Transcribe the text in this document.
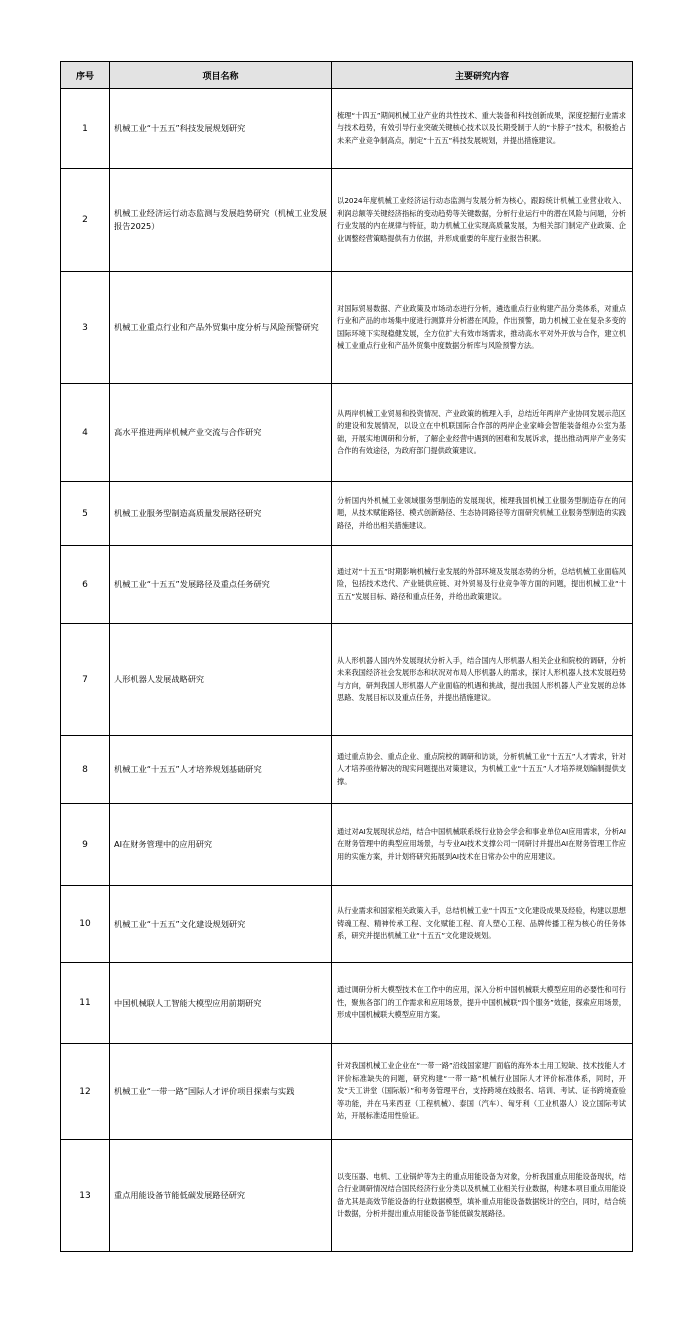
序号	项目名称	主要研究内容
1	机械工业“十五五”科技发展规划研究	梳理“十四五”期间机械工业产业的共性技术、重大装备和科技创新成果，深度挖掘行业需求与技术趋势，有效引导行业突破关键核心技术以及长期受制于人的“卡脖子”技术，积极抢占未来产业竞争制高点，制定“十五五”科技发展规划，并提出措施建议。
2	机械工业经济运行动态监测与发展趋势研究（机械工业发展报告2025）	以2024年度机械工业经济运行动态监测与发展分析为核心，跟踪统计机械工业营业收入、利润总额等关键经济指标的变动趋势等关键数据，分析行业运行中的潜在风险与问题，分析行业发展的内在规律与特征，助力机械工业实现高质量发展，为相关部门制定产业政策、企业调整经营策略提供有力依据，并形成重要的年度行业报告积累。
3	机械工业重点行业和产品外贸集中度分析与风险预警研究	对国际贸易数据、产业政策及市场动态进行分析，遴选重点行业构建产品分类体系，对重点行业和产品的市场集中度进行测算并分析潜在风险，作出预警，助力机械工业在复杂多变的国际环境下实现稳健发展，全方位扩大有效市场需求，推动高水平对外开放与合作，建立机械工业重点行业和产品外贸集中度数据分析库与风险预警方法。
4	高水平推进两岸机械产业交流与合作研究	从两岸机械工业贸易和投资情况、产业政策的梳理入手，总结近年两岸产业协同发展示范区的建设和发展情况，以设立在中机联国际合作部的两岸企业家峰会智能装备组办公室为基础，开展实地调研和分析，了解企业经营中遇到的困难和发展诉求，提出推动两岸产业务实合作的有效途径，为政府部门提供政策建议。
5	机械工业服务型制造高质量发展路径研究	分析国内外机械工业领域服务型制造的发展现状，梳理我国机械工业服务型制造存在的问题，从技术赋能路径、模式创新路径、生态协同路径等方面研究机械工业服务型制造的实践路径，并给出相关措施建议。
6	机械工业“十五五”发展路径及重点任务研究	通过对“十五五”时期影响机械行业发展的外部环境及发展态势的分析，总结机械工业面临风险，包括技术迭代、产业链供应链、对外贸易及行业竞争等方面的问题，提出机械工业“十五五”发展目标、路径和重点任务，并给出政策建议。
7	人形机器人发展战略研究	从人形机器人国内外发展现状分析入手，结合国内人形机器人相关企业和院校的调研，分析未来我国经济社会发展形态和状况对布局人形机器人的需求，探讨人形机器人技术发展趋势与方向，研判我国人形机器人产业面临的机遇和挑战，提出我国人形机器人产业发展的总体思路、发展目标以及重点任务，并提出措施建议。
8	机械工业“十五五”人才培养规划基础研究	通过重点协会、重点企业、重点院校的调研和访谈，分析机械工业“十五五”人才需求，针对人才培养亟待解决的现实问题提出对策建议，为机械工业“十五五”人才培养规划编制提供支撑。
9	AI在财务管理中的应用研究	通过对AI发展现状总结，结合中国机械联系统行业协会学会和事业单位AI应用需求，分析AI在财务管理中的典型应用场景，与专业AI技术支撑公司一同研讨并提出AI在财务管理工作应用的实施方案，并计划将研究拓展到AI技术在日常办公中的应用建议。
10	机械工业“十五五”文化建设规划研究	从行业需求和国家相关政策入手，总结机械工业“十四五”文化建设成果及经验，构建以思想铸魂工程、精神传承工程、文化赋能工程、育人塑心工程、品牌传播工程为核心的任务体系，研究并提出机械工业“十五五”文化建设规划。
11	中国机械联人工智能大模型应用前期研究	通过调研分析大模型技术在工作中的应用，深入分析中国机械联大模型应用的必要性和可行性，聚焦各部门的工作需求和应用场景，提升中国机械联“四个服务”效能，探索应用场景，形成中国机械联大模型应用方案。
12	机械工业“一带一路”国际人才评价项目探索与实践	针对我国机械工业企业在“一带一路”沿线国家建厂面临的海外本土用工短缺、技术技能人才评价标准缺失的问题，研究构建“一带一路”机械行业国际人才评价标准体系，同时，开发“天工讲堂（国际版）”和考务管理平台，支持跨境在线报名、培训、考试、证书跨境查验等功能，并在马来西亚（工程机械）、泰国（汽车）、匈牙利（工业机器人）设立国际考试站，开展标准适用性验证。
13	重点用能设备节能低碳发展路径研究	以变压器、电机、工业锅炉等为主的重点用能设备为对象，分析我国重点用能设备现状，结合行业调研情况结合国民经济行业分类以及机械工业相关行业数据，构建本项目重点用能设备尤其是高效节能设备的行业数据模型，填补重点用能设备数据统计的空白，同时，结合统计数据，分析并提出重点用能设备节能低碳发展路径。
